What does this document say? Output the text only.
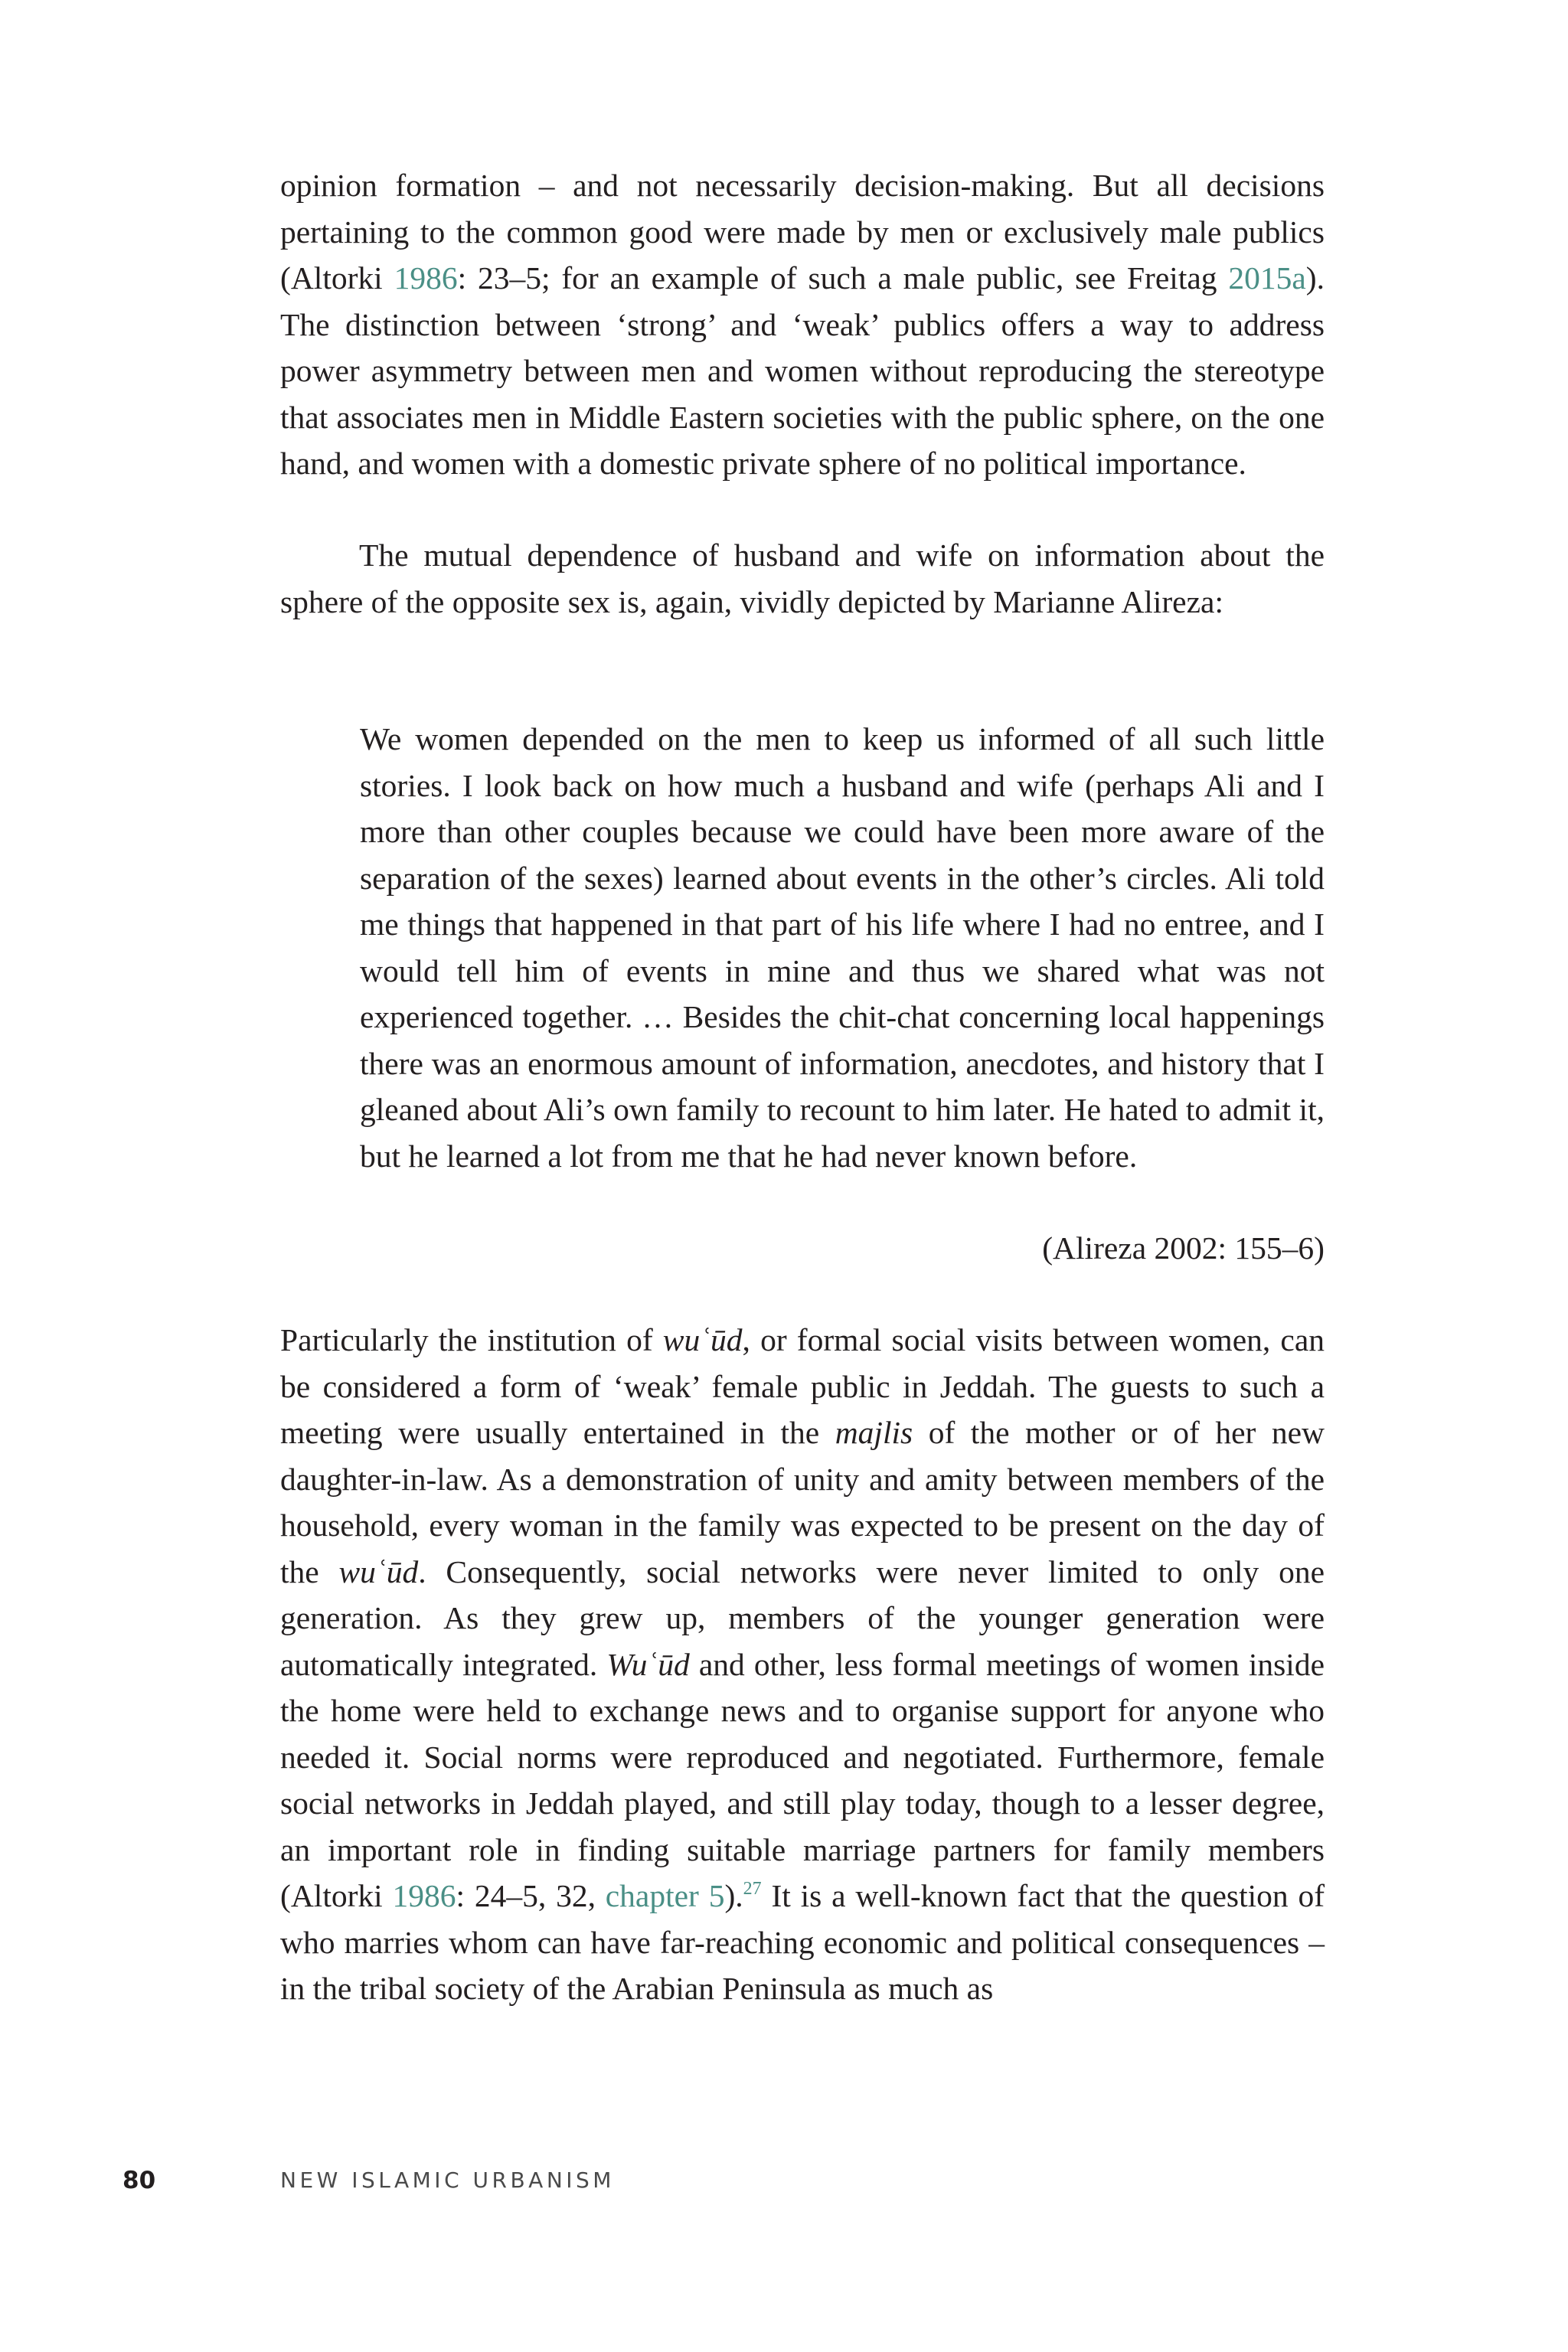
opinion formation – and not necessarily decision-making. But all decisions pertaining to the common good were made by men or exclusively male publics (Altorki 1986: 23–5; for an example of such a male public, see Freitag 2015a). The distinction between ‘strong’ and ‘weak’ publics offers a way to address power asymmetry between men and women without reproducing the stereotype that associates men in Middle Eastern societies with the public sphere, on the one hand, and women with a domestic private sphere of no political importance.
The mutual dependence of husband and wife on information about the sphere of the opposite sex is, again, vividly depicted by Marianne Alireza:
We women depended on the men to keep us informed of all such little stories. I look back on how much a husband and wife (perhaps Ali and I more than other couples because we could have been more aware of the separation of the sexes) learned about events in the other’s circles. Ali told me things that happened in that part of his life where I had no entree, and I would tell him of events in mine and thus we shared what was not experienced together. … Besides the chit-chat concerning local happenings there was an enormous amount of information, anecdotes, and history that I gleaned about Ali’s own family to recount to him later. He hated to admit it, but he learned a lot from me that he had never known before.
(Alireza 2002: 155–6)
Particularly the institution of wuʿūd, or formal social visits between women, can be considered a form of ‘weak’ female public in Jeddah. The guests to such a meeting were usually entertained in the majlis of the mother or of her new daughter-in-law. As a demonstration of unity and amity between members of the household, every woman in the family was expected to be present on the day of the wuʿūd. Consequently, social networks were never limited to only one generation. As they grew up, members of the younger generation were automatically integrated. Wuʿūd and other, less formal meetings of women inside the home were held to exchange news and to organise support for anyone who needed it. Social norms were reproduced and negotiated. Furthermore, female social networks in Jeddah played, and still play today, though to a lesser degree, an important role in finding suitable marriage partners for family members (Altorki 1986: 24–5, 32, chapter 5).$^{27}$ It is a well-known fact that the question of who marries whom can have far-reaching economic and political consequences – in the tribal society of the Arabian Peninsula as much as
80	NEW ISLAMIC URBANISM
